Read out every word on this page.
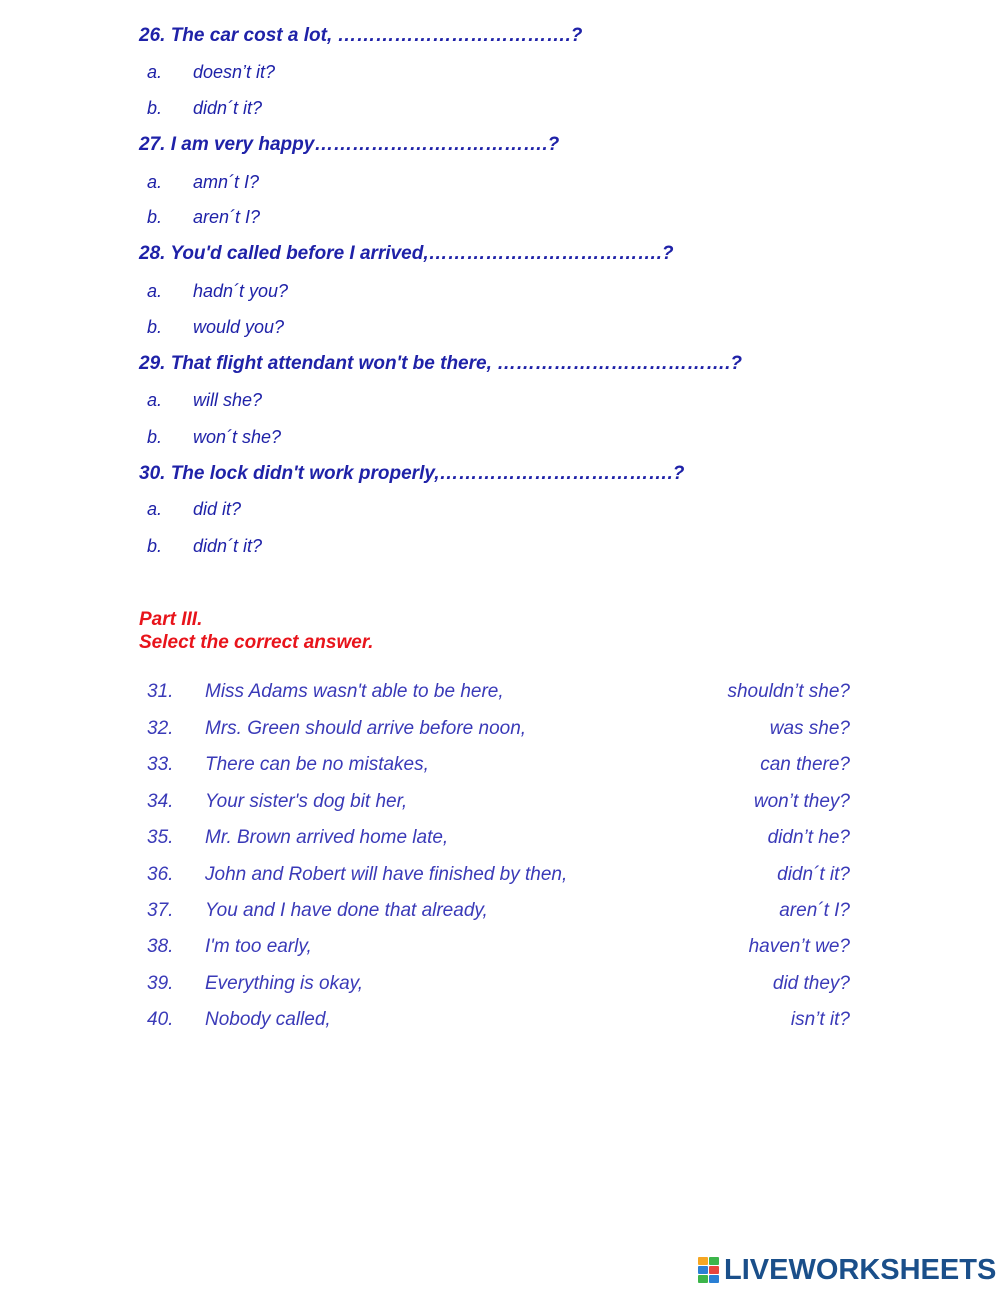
26. The car cost a lot, ……………………………….?
a. doesn’t it?
b. didn´t it?
27. I am very happy……………………………….?
a. amn´t I?
b. aren´t I?
28. You'd called before I arrived,……………………………….?
a. hadn´t you?
b. would you?
29. That flight attendant won't be there, ……………………………….?
a. will she?
b. won´t she?
30. The lock didn't work properly,……………………………….?
a. did it?
b. didn´t it?
Part III.
Select the correct answer.
31. Miss Adams wasn't able to be here,	shouldn’t she?
32. Mrs. Green should arrive before noon,	was she?
33. There can be no mistakes,	can there?
34. Your sister's dog bit her,	won’t they?
35. Mr. Brown arrived home late,	didn’t he?
36. John and Robert will have finished by then,	didn´t it?
37. You and I have done that already,	aren´t I?
38. I'm too early,	haven’t we?
39. Everything is okay,	did they?
40. Nobody called,	isn’t it?
LIVEWORKSHEETS
